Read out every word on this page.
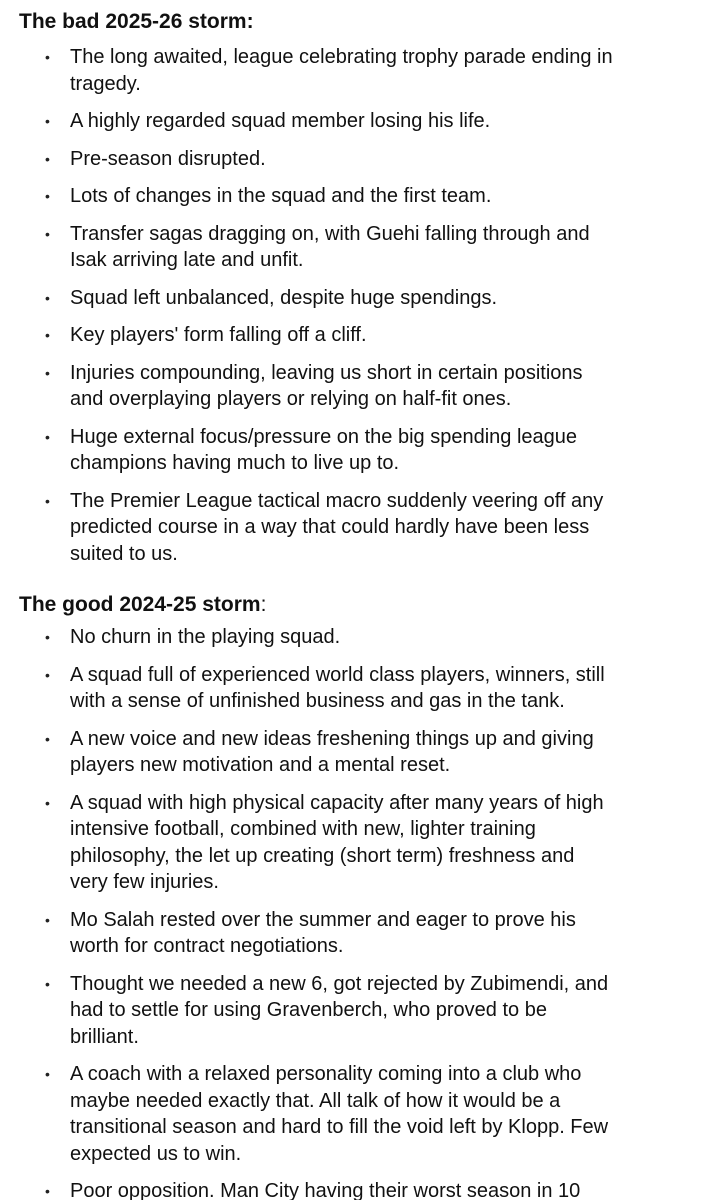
The bad 2025-26 storm:
• The long awaited, league celebrating trophy parade ending in
tragedy.
• A highly regarded squad member losing his life.
• Pre-season disrupted.
• Lots of changes in the squad and the first team.
• Transfer sagas dragging on, with Guehi falling through and
Isak arriving late and unfit.
• Squad left unbalanced, despite huge spendings.
• Key players' form falling off a cliff.
• Injuries compounding, leaving us short in certain positions
and overplaying players or relying on half-fit ones.
• Huge external focus/pressure on the big spending league
champions having much to live up to.
• The Premier League tactical macro suddenly veering off any
predicted course in a way that could hardly have been less
suited to us.
The good 2024-25 storm:
• No churn in the playing squad.
• A squad full of experienced world class players, winners, still
with a sense of unfinished business and gas in the tank.
• A new voice and new ideas freshening things up and giving
players new motivation and a mental reset.
• A squad with high physical capacity after many years of high
intensive football, combined with new, lighter training
philosophy, the let up creating (short term) freshness and
very few injuries.
• Mo Salah rested over the summer and eager to prove his
worth for contract negotiations.
• Thought we needed a new 6, got rejected by Zubimendi, and
had to settle for using Gravenberch, who proved to be
brilliant.
• A coach with a relaxed personality coming into a club who
maybe needed exactly that. All talk of how it would be a
transitional season and hard to fill the void left by Klopp. Few
expected us to win.
• Poor opposition. Man City having their worst season in 10
